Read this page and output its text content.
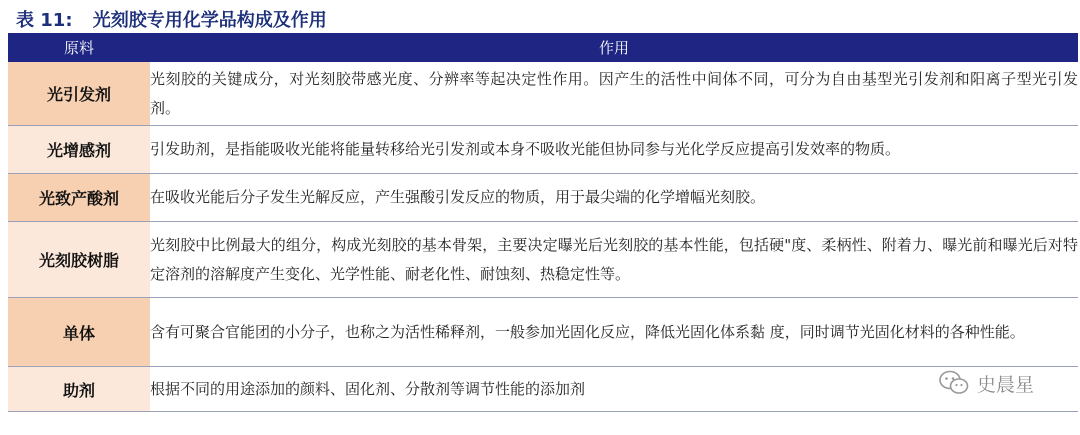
表 11: 光刻胶专用化学品构成及作用
原料	作用
光引发剂	光刻胶的关键成分，对光刻胶带感光度、分辨率等起决定性作用。因产生的活性中间体不同，可分为自由基型光引发剂和阳离子型光引发剂。
光增感剂	引发助剂，是指能吸收光能将能量转移给光引发剂或本身不吸收光能但协同参与光化学反应提高引发效率的物质。
光致产酸剂	在吸收光能后分子发生光解反应，产生强酸引发反应的物质，用于最尖端的化学增幅光刻胶。
光刻胶树脂	光刻胶中比例最大的组分，构成光刻胶的基本骨架，主要决定曝光后光刻胶的基本性能，包括硬"度、柔柄性、附着力、曝光前和曝光后对特定溶剂的溶解度产生变化、光学性能、耐老化性、耐蚀刻、热稳定性等。
单体	含有可聚合官能团的小分子，也称之为活性稀释剂，一般参加光固化反应，降低光固化体系黏 度，同时调节光固化材料的各种性能。
助剂	根据不同的用途添加的颜料、固化剂、分散剂等调节性能的添加剂	史晨星
